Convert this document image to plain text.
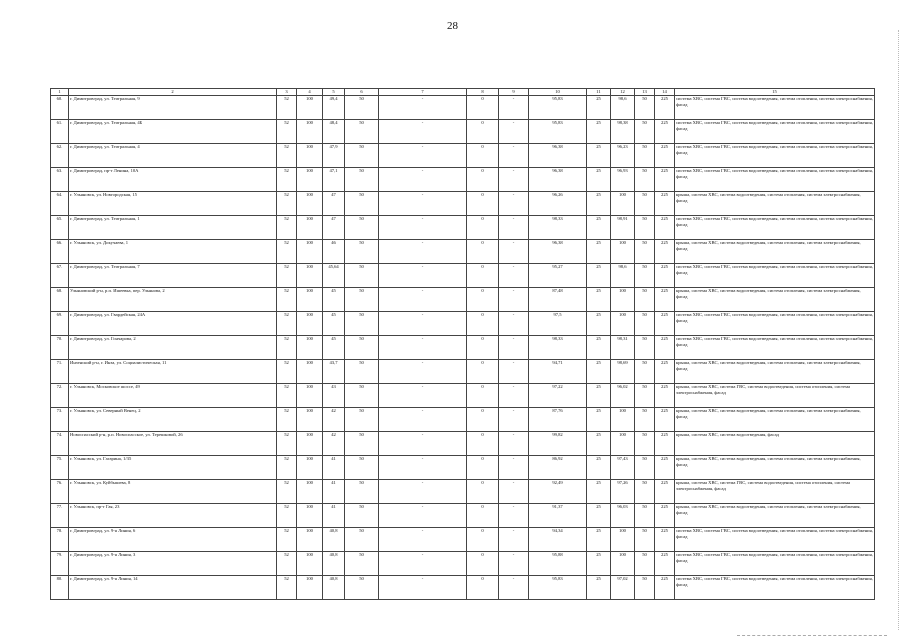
28
1	2	3	4	5	6	7	8	9	10	11	12	13	14	15
60.	г. Димитровград, ул. Театральная, 9	52	100	49,4	50	-	0	-	95,83	25	98,6	50	225	система ХВС, система ГВС, система водоотведения, система отопления, система электроснабжения, фасад
61.	г. Димитровград, ул. Театральная, 4Б	52	100	48,4	50	-	0	-	95,83	25	98,38	50	225	система ХВС, система ГВС, система водоотведения, система отопления, система электроснабжения, фасад
62.	г. Димитровград, ул. Театральная, 4	52	100	47,9	50	-	0	-	96,38	25	96,23	50	225	система ХВС, система ГВС, система водоотведения, система отопления, система электроснабжения, фасад
63.	г. Димитровград, пр-т Ленина, 10А	52	100	47,1	50	-	0	-	96,38	25	96,93	50	225	система ХВС, система ГВС, система водоотведения, система отопления, система электроснабжения, фасад
64.	г. Ульяновск, ул. Новгородская, 15	52	100	47	50	-	0	-	96,26	25	100	50	225	крыша, система ХВС, система водоотведения, система отопления, система электроснабжения, фасад
65.	г. Димитровград, ул. Театральная, 1	52	100	47	50	-	0	-	98,33	25	98,91	50	225	система ХВС, система ГВС, система водоотведения, система отопления, система электроснабжения, фасад
66.	г. Ульяновск, ул. Докучаева, 1	52	100	46	50	-	0	-	96,38	25	100	50	225	крыша, система ХВС, система водоотведения, система отопления, система электроснабжения, фасад
67.	г. Димитровград, ул. Театральная, 7	52	100	45,64	50	-	0	-	95,27	25	98,6	50	225	система ХВС, система ГВС, система водоотведения, система отопления, система электроснабжения, фасад
68.	Ульяновский р-н, р.п. Ишеевка, пер. Ульянова, 2	52	100	45	50	-	0	-	87,48	25	100	50	225	крыша, система ХВС, система водоотведения, система отопления, система электроснабжения, фасад
69.	г. Димитровград, ул. Гвардейская, 24А	52	100	45	50	-	0	-	97,5	25	100	50	225	система ХВС, система ГВС, система водоотведения, система отопления, система электроснабжения, фасад
70.	г. Димитровград, ул. Гончарова, 2	52	100	45	50	-	0	-	98,33	25	98,31	50	225	система ХВС, система ГВС, система водоотведения, система отопления, система электроснабжения, фасад
71.	Инзенский р-н, г. Инза, ул. Социалистическая, 11	52	100	43,7	50	-	0	-	94,71	25	98,69	50	225	крыша, система ХВС, система водоотведения, система отопления, система электроснабжения, фасад
72.	г. Ульяновск, Московское шоссе, 49	52	100	43	50	-	0	-	97,22	25	96,02	50	225	крыша, система ХВС, система ГВС, система водоотведения, система отопления, система электроснабжения, фасад
73.	г. Ульяновск, ул. Северный Венец, 2	52	100	42	50	-	0	-	87,76	25	100	50	225	крыша, система ХВС, система водоотведения, система отопления, система электроснабжения, фасад
74.	Новоспасский р-н, р.п. Новоспасское, ул. Терешковой, 26	52	100	42	50	-	0	-	99,82	25	100	50	225	крыша, система ХВС, система водоотведения, фасад
75.	г. Ульяновск, ул. Гагарина, 1/35	52	100	41	50	-	0	-	86,92	25	97,43	50	225	крыша, система ХВС, система водоотведения, система отопления, система электроснабжения, фасад
76.	г. Ульяновск, ул. Куйбышева, 8	52	100	41	50	-	0	-	92,49	25	97,26	50	225	крыша, система ХВС, система ГВС, система водоотведения, система отопления, система электроснабжения, фасад
77.	г. Ульяновск, пр-т Гая, 23	52	100	41	50	-	0	-	91,37	25	96,03	50	225	крыша, система ХВС, система водоотведения, система отопления, система электроснабжения, фасад
78.	г. Димитровград, ул. 9-я Линия, 6	52	100	40,8	50	-	0	-	94,34	25	100	50	225	система ХВС, система ГВС, система водоотведения, система отопления, система электроснабжения, фасад
79.	г. Димитровград, ул. 9-я Линия, 3	52	100	40,8	50	-	0	-	95,88	25	100	50	225	система ХВС, система ГВС, система водоотведения, система отопления, система электроснабжения, фасад
80.	г. Димитровград, ул. 9-я Линия, 14	52	100	40,8	50	-	0	-	95,83	25	97,02	50	225	система ХВС, система ГВС, система водоотведения, система отопления, система электроснабжения, фасад
